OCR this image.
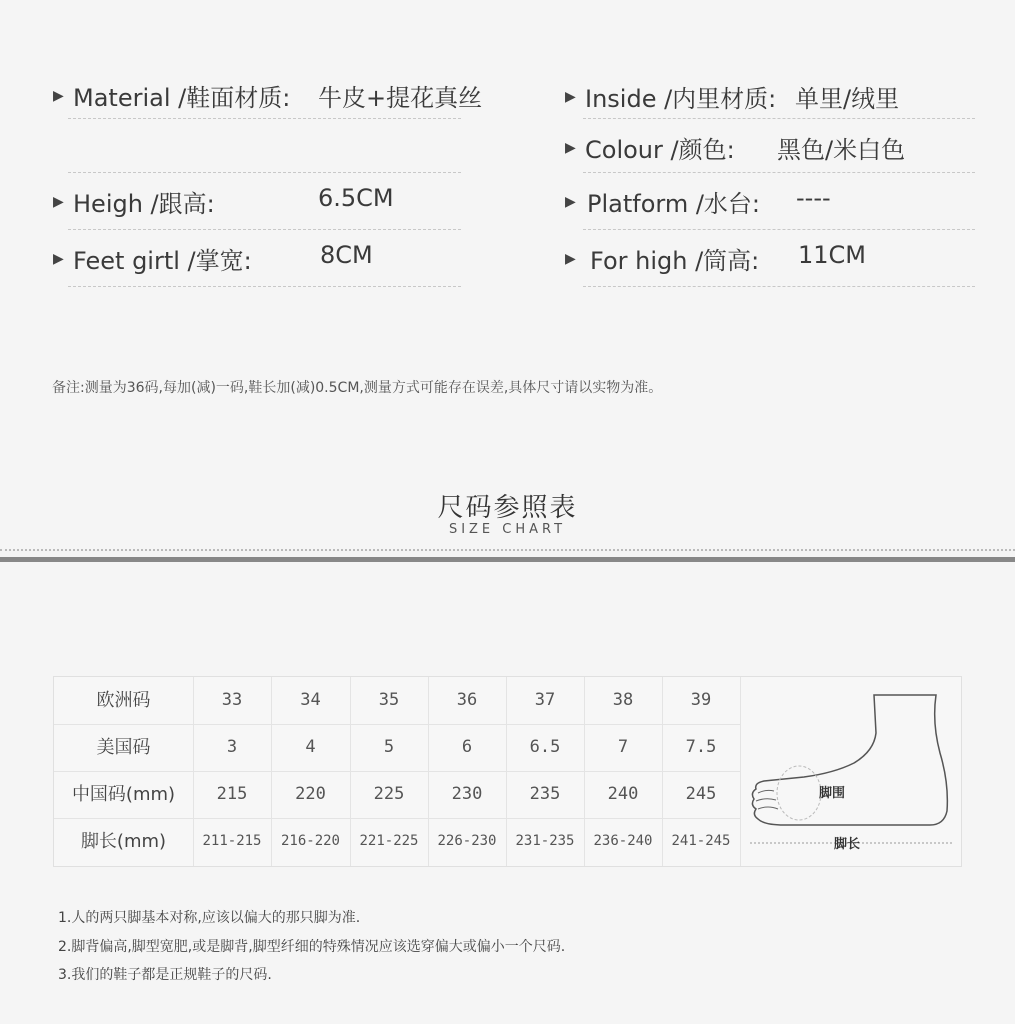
▶ Material /鞋面材质: 牛皮+提花真丝
▶ Heigh /跟高:	6.5CM
▶ Feet girtl /掌宽:	8CM
▶ Inside /内里材质: 单里/绒里
▶ Colour /颜色: 黑色/米白色
▶ Platform /水台: ----
▶ For high /筒高: 11CM
备注:测量为36码,每加(减)一码,鞋长加(减)0.5CM,测量方式可能存在误差,具体尺寸请以实物为准。
尺码参照表
SIZE CHART
欧洲码	33	34	35	36	37	38	39
美国码	3	4	5	6	6.5	7	7.5
中国码(mm)	215	220	225	230	235	240	245
脚长(mm)	211-215	216-220	221-225	226-230	231-235	236-240	241-245
脚围
脚长
1.人的两只脚基本对称,应该以偏大的那只脚为准.
2.脚背偏高,脚型宽肥,或是脚背,脚型纤细的特殊情况应该选穿偏大或偏小一个尺码.
3.我们的鞋子都是正规鞋子的尺码.
